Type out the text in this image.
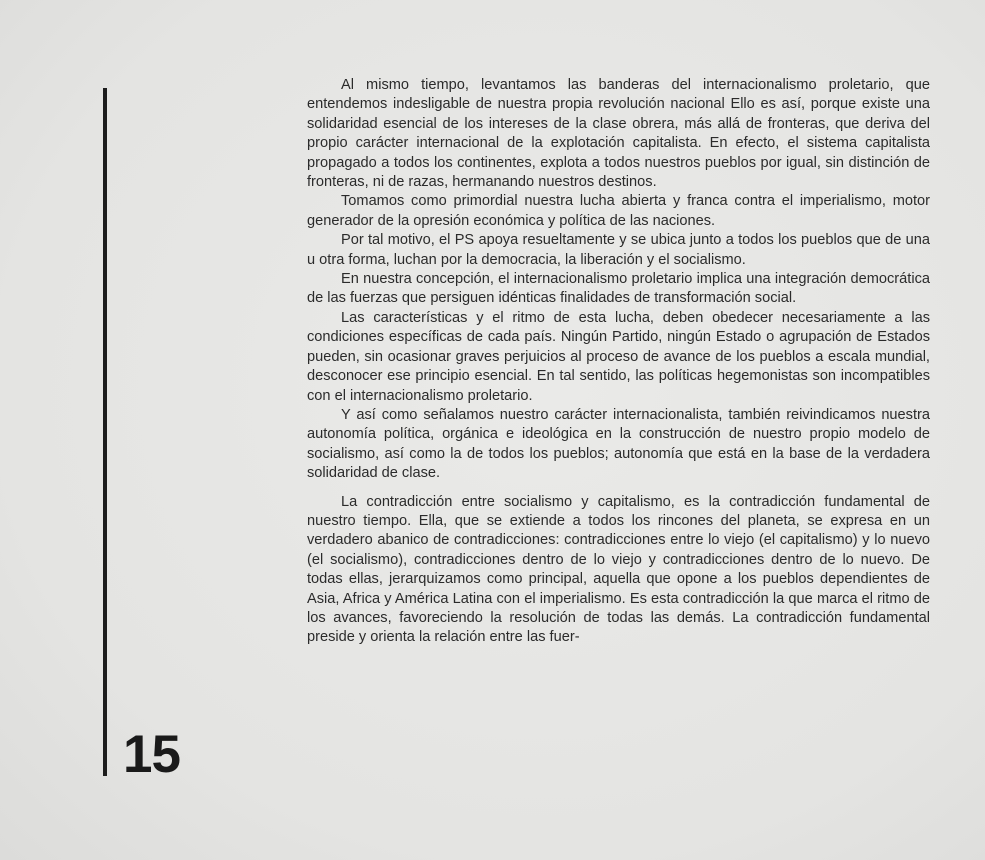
15

Al mismo tiempo, levantamos las banderas del internacionalismo proletario, que entendemos indesligable de nuestra propia revolución nacional Ello es así, porque existe una solidaridad esencial de los intereses de la clase obrera, más allá de fronteras, que deriva del propio carácter internacional de la explotación capitalista. En efecto, el sistema capitalista propagado a todos los continentes, explota a todos nuestros pueblos por igual, sin distinción de fronteras, ni de razas, hermanando nuestros destinos.

Tomamos como primordial nuestra lucha abierta y franca contra el imperialismo, motor generador de la opresión económica y política de las naciones.

Por tal motivo, el PS apoya resueltamente y se ubica junto a todos los pueblos que de una u otra forma, luchan por la democracia, la liberación y el socialismo.

En nuestra concepción, el internacionalismo proletario implica una integración democrática de las fuerzas que persiguen idénticas finalidades de transformación social.

Las características y el ritmo de esta lucha, deben obedecer necesariamente a las condiciones específicas de cada país. Ningún Partido, ningún Estado o agrupación de Estados pueden, sin ocasionar graves perjuicios al proceso de avance de los pueblos a escala mundial, desconocer ese principio esencial. En tal sentido, las políticas hegemonistas son incompatibles con el internacionalismo proletario.

Y así como señalamos nuestro carácter internacionalista, también reivindicamos nuestra autonomía política, orgánica e ideológica en la construcción de nuestro propio modelo de socialismo, así como la de todos los pueblos; autonomía que está en la base de la verdadera solidaridad de clase.

La contradicción entre socialismo y capitalismo, es la contradicción fundamental de nuestro tiempo. Ella, que se extiende a todos los rincones del planeta, se expresa en un verdadero abanico de contradicciones: contradicciones entre lo viejo (el capitalismo) y lo nuevo (el socialismo), contradicciones dentro de lo viejo y contradicciones dentro de lo nuevo. De todas ellas, jerarquizamos como principal, aquella que opone a los pueblos dependientes de Asia, Africa y América Latina con el imperialismo. Es esta contradicción la que marca el ritmo de los avances, favoreciendo la resolución de todas las demás. La contradicción fundamental preside y orienta la relación entre las fuer-
